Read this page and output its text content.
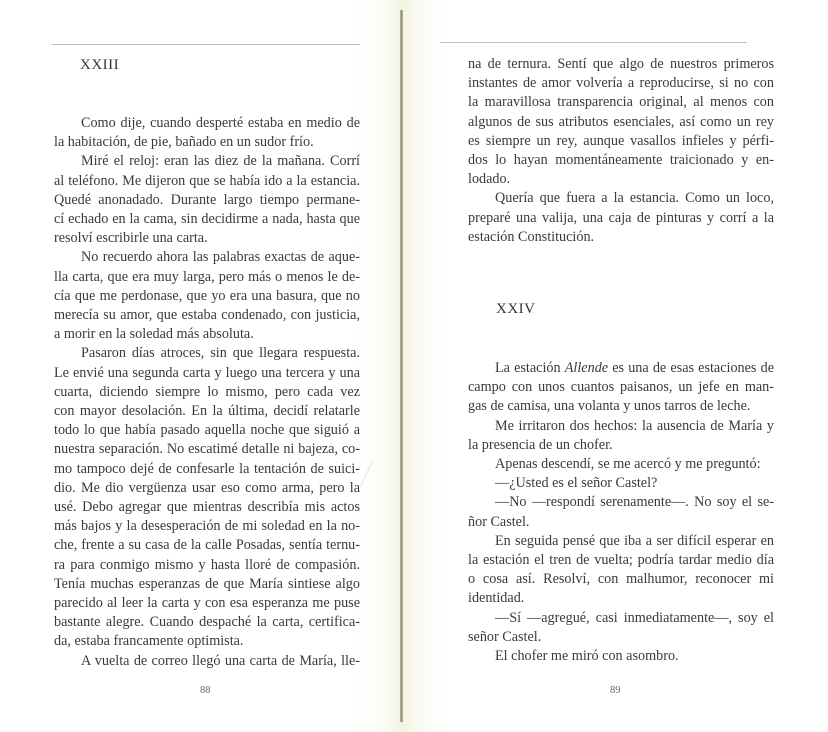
XXIII
Como dije, cuando desperté estaba en medio de
la habitación, de pie, bañado en un sudor frío.
Miré el reloj: eran las diez de la mañana. Corrí
al teléfono. Me dijeron que se había ido a la estancia.
Quedé anonadado. Durante largo tiempo permane-
cí echado en la cama, sin decidirme a nada, hasta que
resolví escribirle una carta.
No recuerdo ahora las palabras exactas de aque-
lla carta, que era muy larga, pero más o menos le de-
cía que me perdonase, que yo era una basura, que no
merecía su amor, que estaba condenado, con justicia,
a morir en la soledad más absoluta.
Pasaron días atroces, sin que llegara respuesta.
Le envié una segunda carta y luego una tercera y una
cuarta, diciendo siempre lo mismo, pero cada vez
con mayor desolación. En la última, decidí relatarle
todo lo que había pasado aquella noche que siguió a
nuestra separación. No escatimé detalle ni bajeza, co-
mo tampoco dejé de confesarle la tentación de suici-
dio. Me dio vergüenza usar eso como arma, pero la
usé. Debo agregar que mientras describía mis actos
más bajos y la desesperación de mi soledad en la no-
che, frente a su casa de la calle Posadas, sentía ternu-
ra para conmigo mismo y hasta lloré de compasión.
Tenía muchas esperanzas de que María sintiese algo
parecido al leer la carta y con esa esperanza me puse
bastante alegre. Cuando despaché la carta, certifica-
da, estaba francamente optimista.
A vuelta de correo llegó una carta de María, lle-
88
na de ternura. Sentí que algo de nuestros primeros
instantes de amor volvería a reproducirse, si no con
la maravillosa transparencia original, al menos con
algunos de sus atributos esenciales, así como un rey
es siempre un rey, aunque vasallos infieles y pérfi-
dos lo hayan momentáneamente traicionado y en-
lodado.
Quería que fuera a la estancia. Como un loco,
preparé una valija, una caja de pinturas y corrí a la
estación Constitución.
XXIV
La estación Allende es una de esas estaciones de
campo con unos cuantos paisanos, un jefe en man-
gas de camisa, una volanta y unos tarros de leche.
Me irritaron dos hechos: la ausencia de María y
la presencia de un chofer.
Apenas descendí, se me acercó y me preguntó:
—¿Usted es el señor Castel?
—No —respondí serenamente—. No soy el se-
ñor Castel.
En seguida pensé que iba a ser difícil esperar en
la estación el tren de vuelta; podría tardar medio día
o cosa así. Resolví, con malhumor, reconocer mi
identidad.
—Sí —agregué, casi inmediatamente—, soy el
señor Castel.
El chofer me miró con asombro.
89
